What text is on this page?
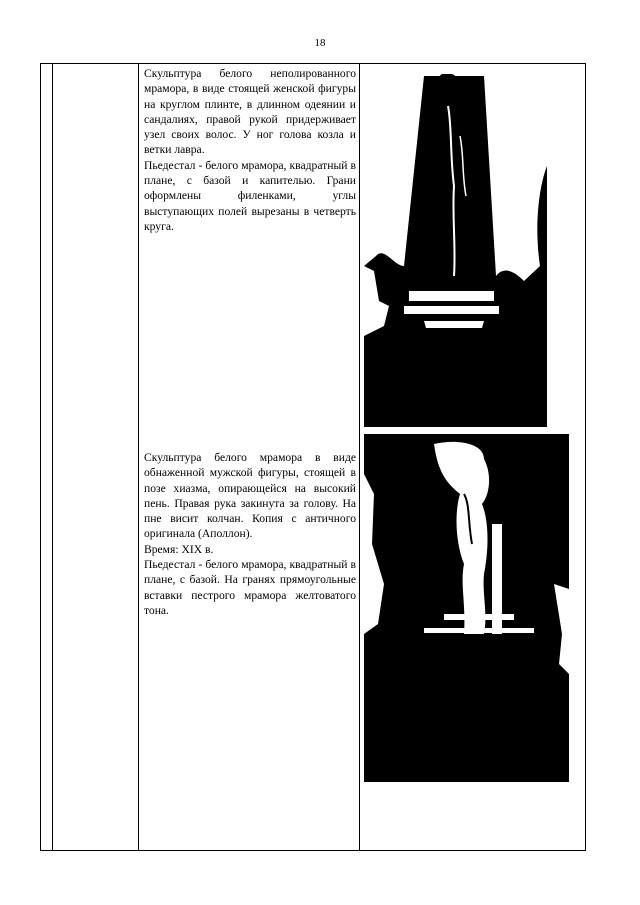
18

Скульптура белого неполированного мрамора, в виде стоящей женской фигуры на круглом плинте, в длинном одеянии и сандалиях, правой рукой придерживает узел своих волос. У ног голова козла и ветки лавра.

Пьедестал - белого мрамора, квадратный в плане, с базой и капителью. Грани оформлены филенками, углы выступающих полей вырезаны в четверть круга.

Скульптура белого мрамора в виде обнаженной мужской фигуры, стоящей в позе хиазма, опирающейся на высокий пень. Правая рука закинута за голову. На пне висит колчан. Копия с античного оригинала (Аполлон).

Время: XIX в.

Пьедестал - белого мрамора, квадратный в плане, с базой. На гранях прямоугольные вставки пестрого мрамора желтоватого тона.
